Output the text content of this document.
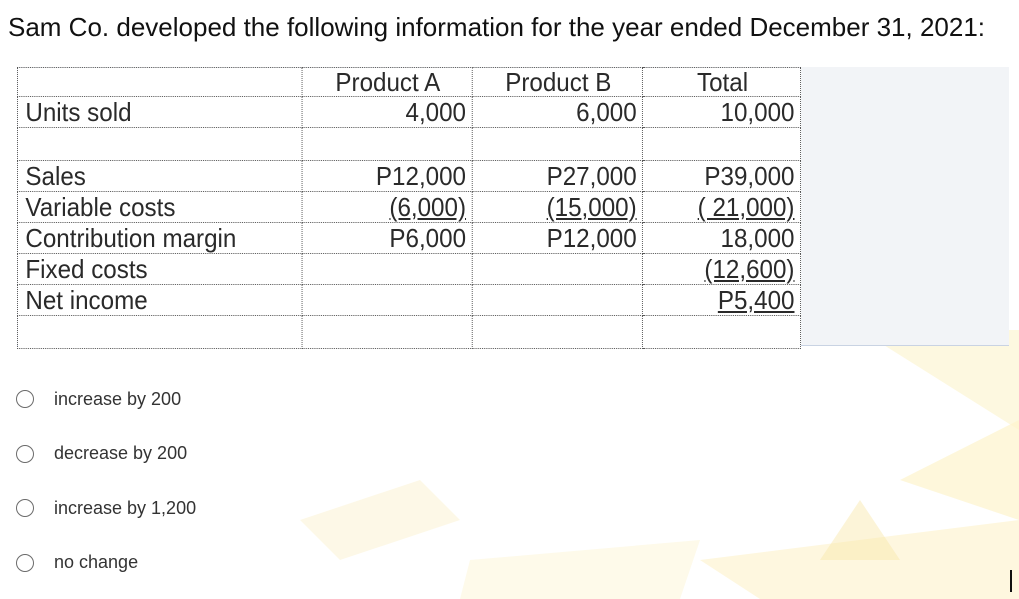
Sam Co. developed the following information for the year ended December 31, 2021:
	Product A	Product B	Total
Units sold	4,000	6,000	10,000

Sales	P12,000	P27,000	P39,000
Variable costs	(6,000)	(15,000)	( 21,000)
Contribution margin	P6,000	P12,000	18,000
Fixed costs			(12,600)
Net income			P5,400

increase by 200
decrease by 200
increase by 1,200
no change
